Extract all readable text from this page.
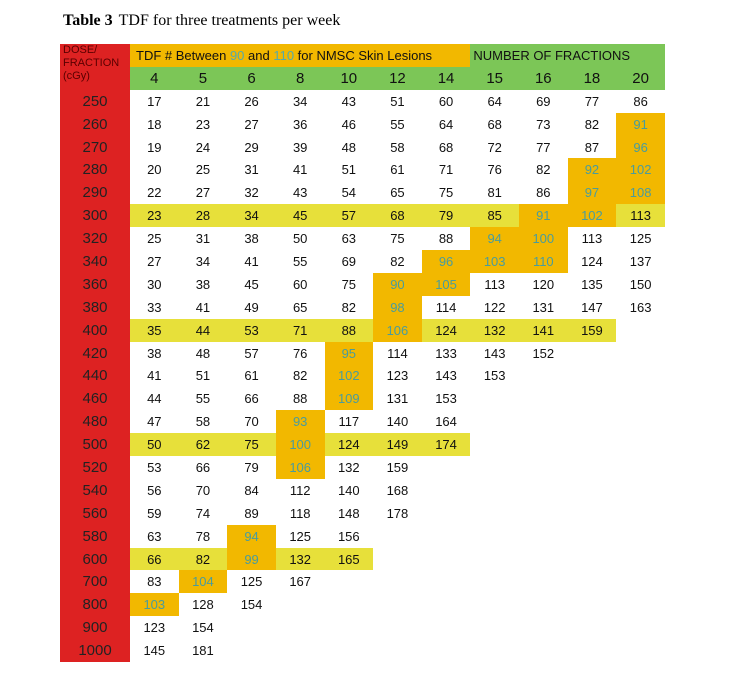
Table 3 TDF for three treatments per week
DOSE/ FRACTION (cGy)	TDF # Between 90 and 110 for NMSC Skin Lesions							NUMBER OF FRACTIONS			
	4	5	6	8	10	12	14	15	16	18	20
250	17	21	26	34	43	51	60	64	69	77	86
260	18	23	27	36	46	55	64	68	73	82	91
270	19	24	29	39	48	58	68	72	77	87	96
280	20	25	31	41	51	61	71	76	82	92	102
290	22	27	32	43	54	65	75	81	86	97	108
300	23	28	34	45	57	68	79	85	91	102	113
320	25	31	38	50	63	75	88	94	100	113	125
340	27	34	41	55	69	82	96	103	110	124	137
360	30	38	45	60	75	90	105	113	120	135	150
380	33	41	49	65	82	98	114	122	131	147	163
400	35	44	53	71	88	106	124	132	141	159	
420	38	48	57	76	95	114	133	143	152		
440	41	51	61	82	102	123	143	153			
460	44	55	66	88	109	131	153				
480	47	58	70	93	117	140	164				
500	50	62	75	100	124	149	174				
520	53	66	79	106	132	159					
540	56	70	84	112	140	168					
560	59	74	89	118	148	178					
580	63	78	94	125	156						
600	66	82	99	132	165						
700	83	104	125	167							
800	103	128	154								
900	123	154									
1000	145	181									
